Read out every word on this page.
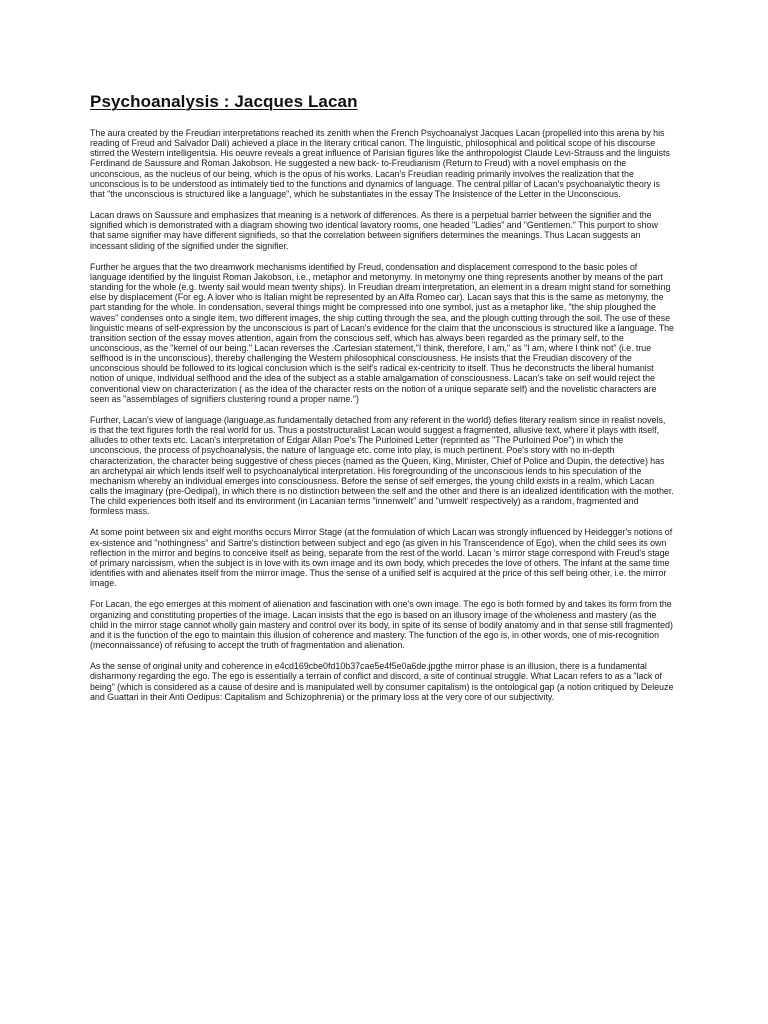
Psychoanalysis : Jacques Lacan

The aura created by the Freudian interpretations reached its zenith when the French Psychoanalyst Jacques Lacan (propelled into this arena by his reading of Freud and Salvador Dali) achieved a place in the literary critical canon. The linguistic, philosophical and political scope of his discourse stirred the Western intelligentsia. His oeuvre reveals a great influence of Parisian figures like the anthropologist Claude Levi-Strauss and the linguists Ferdinand de Saussure and Roman Jakobson. He suggested a new back- to-Freudianism (Return to Freud) with a novel emphasis on the unconscious, as the nucleus of our being, which is the opus of his works. Lacan's Freudian reading primarily involves the realization that the unconscious is to be understood as intimately tied to the functions and dynamics of language. The central pillar of Lacan's psychoanalytic theory is that "the unconscious is structured like a language", which he substantiates in the essay The Insistence of the Letter in the Unconscious.

Lacan draws on Saussure and emphasizes that meaning is a network of differences. As there is a perpetual barrier between the signifier and the signified which is demonstrated with a diagram showing two identical lavatory rooms, one headed "Ladies" and "Gentlemen." This purport to show that same signifier may have different signifieds, so that the correlation between signifiers determines the meanings. Thus Lacan suggests an incessant sliding of the signified under the signifier.

Further he argues that the two dreamwork mechanisms identified by Freud, condensation and displacement correspond to the basic poles of language identified by the linguist Roman Jakobson, i.e., metaphor and metonymy. In metonymy one thing represents another by means of the part standing for the whole (e.g. twenty sail would mean twenty ships). In Freudian dream interpretation, an element in a dream might stand for something else by displacement (For eg. A lover who is Italian might be represented by an Alfa Romeo car). Lacan says that this is the same as metonymy, the part standing for the whole. In condensation, several things might be compressed into one symbol, just as a metaphor like, "the ship ploughed the waves" condenses onto a single item, two different images, the ship cutting through the sea, and the plough cutting through the soil. The use of these linguistic means of self-expression by the unconscious is part of Lacan's evidence for the claim that the unconscious is structured like a language. The transition section of the essay moves attention, again from the conscious self, which has always been regarded as the primary self, to the unconscious, as the "kernel of our being." Lacan reverses the .Cartesian statement,"I think, therefore, I am," as "I am, where I think not" (i.e. true selfhood is in the unconscious), thereby challenging the Western philosophical consciousness. He insists that the Freudian discovery of the unconscious should be followed to its logical conclusion which is the self's radical ex-centricity to itself. Thus he deconstructs the liberal humanist notion of unique, individual selfhood and the idea of the subject as a stable amalgamation of consciousness. Lacan's take on self would reject the conventional view on characterization ( as the idea of the character rests on the notion of a unique separate self) and the novelistic characters are seen as "assemblages of signifiers clustering round a proper name.")

Further, Lacan's view of language (language.as fundamentally detached from any referent in the world) defies literary realism since in realist novels, is that the text figures forth the real world for us. Thus a poststructuralist Lacan would suggest a fragmented, allusive text, where it plays with itself, alludes to other texts etc. Lacan's interpretation of Edgar Allan Poe's The Purloined Letter (reprinted as "The Purloined Poe") in which the unconscious, the process of psychoanalysis, the nature of language etc. come into play, is much pertinent. Poe's story with no in-depth characterization, the character being suggestive of chess pieces (named as the Queen, King, Minister, Chief of Police and Dupin, the detective) has an archetypal air which lends itself well to psychoanalytical interpretation. His foregrounding of the unconscious lends to his speculation of the mechanism whereby an individual emerges into consciousness. Before the sense of self emerges, the young child exists in a realm, which Lacan calls the imaginary (pre-Oedipal), in which there is no distinction between the self and the other and there is an idealized identification with the mother. The child experiences both itself and its environment (in Lacanian terms "innenwelt" and "umwelt' respectively) as a random, fragmented and formless mass.

At some point between six and eight months occurs Mirror Stage (at the formulation of which Lacan was strongly influenced by Heidegger's notions of ex-sistence and "nothingness" and Sartre's distinction between subject and ego (as given in his Transcendence of Ego), when the child sees its own reflection in the mirror and begins to conceive itself as being, separate from the rest of the world. Lacan 's mirror stage correspond with Freud's stage of primary narcissism, when the subject is in love with its own image and its own body, which precedes the love of others. The infant at the same time identifies with and alienates itself from the mirror image. Thus the sense of a unified self is acquired at the price of this self being other, i.e. the mirror image.

For Lacan, the ego emerges at this moment of alienation and fascination with one's own image. The ego is both formed by and takes its form from the organizing and constituting properties of the image. Lacan insists that the ego is based on an illusory image of the wholeness and mastery (as the child in the mirror stage cannot wholly gain mastery and control over its body, in spite of its sense of bodily anatomy and in that sense still fragmented) and it is the function of the ego to maintain this illusion of coherence and mastery. The function of the ego is, in other words, one of mis-recognition (meconnaissance) of refusing to accept the truth of fragmentation and alienation.

As the sense of original unity and coherence in e4cd169cbe0fd10b37cae5e4f5e0a6de.jpgthe mirror phase is an illusion, there is a fundamental disharmony regarding the ego. The ego is essentially a terrain of conflict and discord, a site of continual struggle. What Lacan refers to as a "lack of being" (which is considered as a cause of desire and is manipulated well by consumer capitalism) is the ontological gap (a notion critiqued by Deleuze and Guattari in their Anti Oedipus: Capitalism and Schizophrenia) or the primary loss at the very core of our subjectivity.
